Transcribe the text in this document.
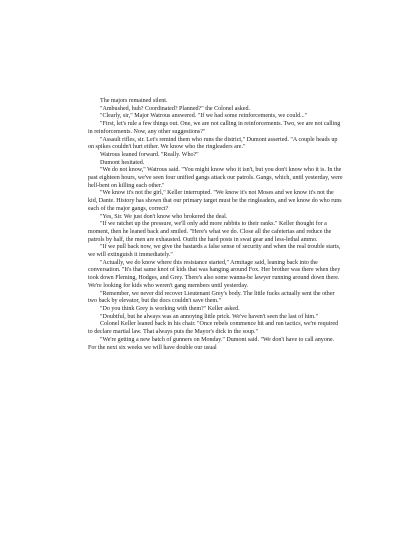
The majors remained silent.

"Ambushed, huh? Coordinated? Planned?" the Colonel asked.

"Clearly, sir," Major Watrous answered. "If we had some reinforcements, we could..."

"First, let's rule a few things out. One, we are not calling in reinforcements. Two, we are not calling in reinforcements. Now, any other suggestions?"

"Assault rifles, sir. Let's remind them who runs the district," Dumont asserted. "A couple heads up on spikes couldn't hurt either. We know who the ringleaders are."

Watrous leaned forward. "Really. Who?"

Dumont hesitated.

"We do not know," Watrous said. "You might know who it isn't, but you don't know who it is. In the past eighteen hours, we've seen four unified gangs attack our patrols. Gangs, which, until yesterday, were hell-bent on killing each other."

"We know it's not the girl," Keller interrupted. "We know it's not Moses and we know it's not the kid, Dante. History has shown that our primary target must be the ringleaders, and we know do who runs each of the major gangs, correct?

"Yes, Sir. We just don't know who brokered the deal.

"If we ratchet up the pressure, we'll only add more rabbits to their ranks." Keller thought for a moment, then he leaned back and smiled. "Here's what we do. Close all the cafeterias and reduce the patrols by half, the men are exhausted. Outfit the hard posts in swat gear and less-lethal ammo.

"If we pull back now, we give the bastards a false sense of security and when the real trouble starts, we will extinguish it immediately."

"Actually, we do know where this resistance started," Armitage said, leaning back into the conversation. "It's that same knot of kids that was hanging around Fox. Her brother was there when they took down Fleming, Hodges, and Grey. There's also some wanna-be lawyer running around down there. We're looking for kids who weren't gang members until yesterday.

"Remember, we never did recover Lieutenant Grey's body. The little fucks actually sent the other two back by elevator, but the docs couldn't save them."

"Do you think Grey is working with them?" Keller asked.

"Doubtful, but he always was an annoying little prick. We've haven't seen the last of him."

Colonel Keller leaned back in his chair. "Once rebels commence hit and run tactics, we're required to declare martial law. That always puts the Mayor's dick in the soup."

"We're getting a new batch of gunners on Monday." Dumont said. "We don't have to call anyone. For the next six weeks we will have double our usual
